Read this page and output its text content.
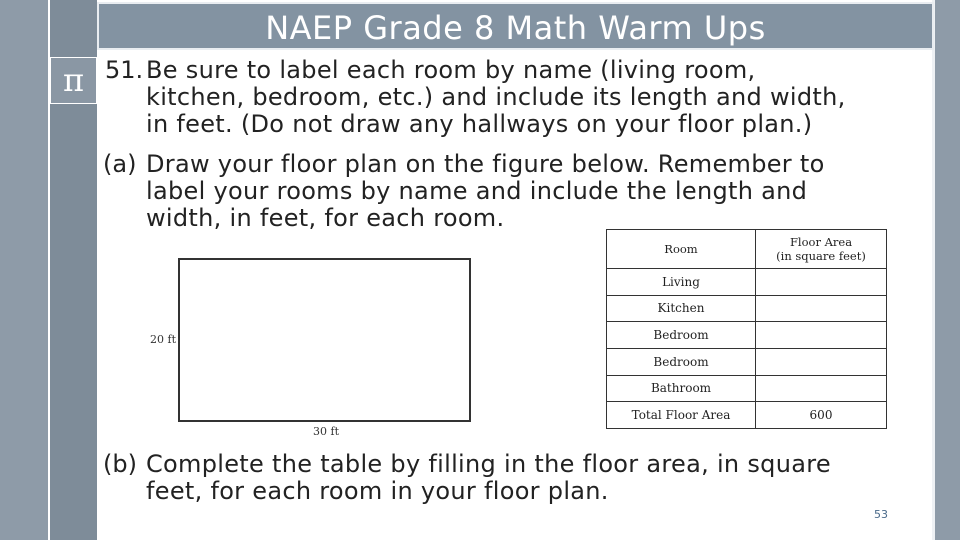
π
NAEP Grade 8 Math Warm Ups
51. Be sure to label each room by name (living room,
kitchen, bedroom, etc.) and include its length and width,
in feet. (Do not draw any hallways on your floor plan.)
(a) Draw your floor plan on the figure below. Remember to
label your rooms by name and include the length and
width, in feet, for each room.
20 ft
30 ft
Room	Floor Area
(in square feet)
Living	
Kitchen	
Bedroom	
Bedroom	
Bathroom	
Total Floor Area	600
(b) Complete the table by filling in the floor area, in square
feet, for each room in your floor plan.
53
